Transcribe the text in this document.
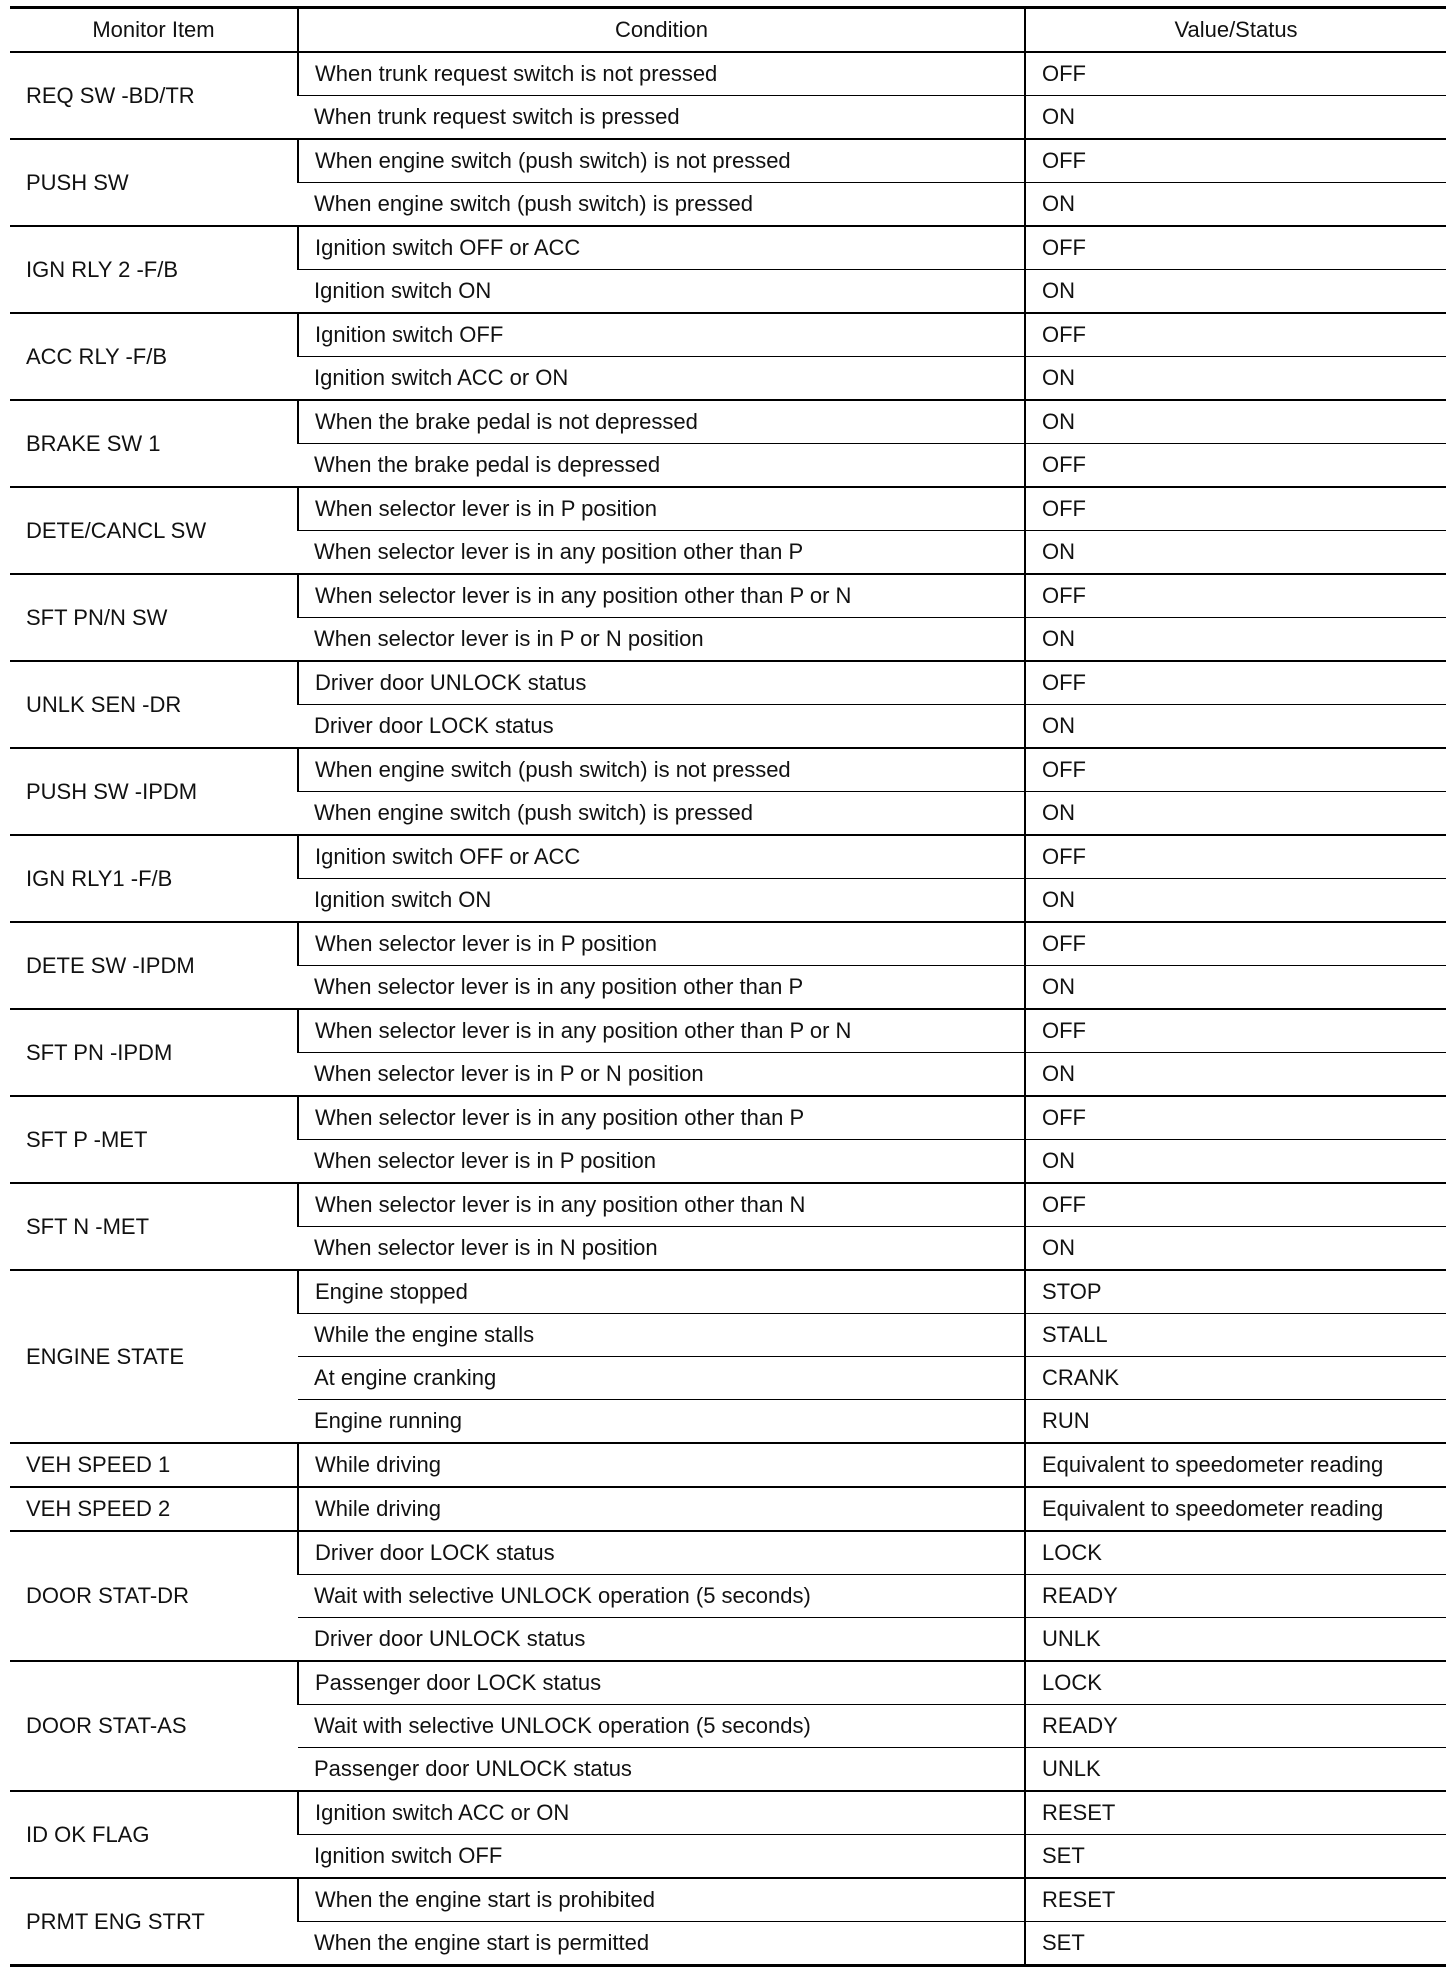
Monitor Item	Condition	Value/Status
REQ SW -BD/TR	When trunk request switch is not pressed	OFF
	When trunk request switch is pressed	ON
PUSH SW	When engine switch (push switch) is not pressed	OFF
	When engine switch (push switch) is pressed	ON
IGN RLY 2 -F/B	Ignition switch OFF or ACC	OFF
	Ignition switch ON	ON
ACC RLY -F/B	Ignition switch OFF	OFF
	Ignition switch ACC or ON	ON
BRAKE SW 1	When the brake pedal is not depressed	ON
	When the brake pedal is depressed	OFF
DETE/CANCL SW	When selector lever is in P position	OFF
	When selector lever is in any position other than P	ON
SFT PN/N SW	When selector lever is in any position other than P or N	OFF
	When selector lever is in P or N position	ON
UNLK SEN -DR	Driver door UNLOCK status	OFF
	Driver door LOCK status	ON
PUSH SW -IPDM	When engine switch (push switch) is not pressed	OFF
	When engine switch (push switch) is pressed	ON
IGN RLY1 -F/B	Ignition switch OFF or ACC	OFF
	Ignition switch ON	ON
DETE SW -IPDM	When selector lever is in P position	OFF
	When selector lever is in any position other than P	ON
SFT PN -IPDM	When selector lever is in any position other than P or N	OFF
	When selector lever is in P or N position	ON
SFT P -MET	When selector lever is in any position other than P	OFF
	When selector lever is in P position	ON
SFT N -MET	When selector lever is in any position other than N	OFF
	When selector lever is in N position	ON
ENGINE STATE	Engine stopped	STOP
	While the engine stalls	STALL
	At engine cranking	CRANK
	Engine running	RUN
VEH SPEED 1	While driving	Equivalent to speedometer reading
VEH SPEED 2	While driving	Equivalent to speedometer reading
DOOR STAT-DR	Driver door LOCK status	LOCK
	Wait with selective UNLOCK operation (5 seconds)	READY
	Driver door UNLOCK status	UNLK
DOOR STAT-AS	Passenger door LOCK status	LOCK
	Wait with selective UNLOCK operation (5 seconds)	READY
	Passenger door UNLOCK status	UNLK
ID OK FLAG	Ignition switch ACC or ON	RESET
	Ignition switch OFF	SET
PRMT ENG STRT	When the engine start is prohibited	RESET
	When the engine start is permitted	SET
